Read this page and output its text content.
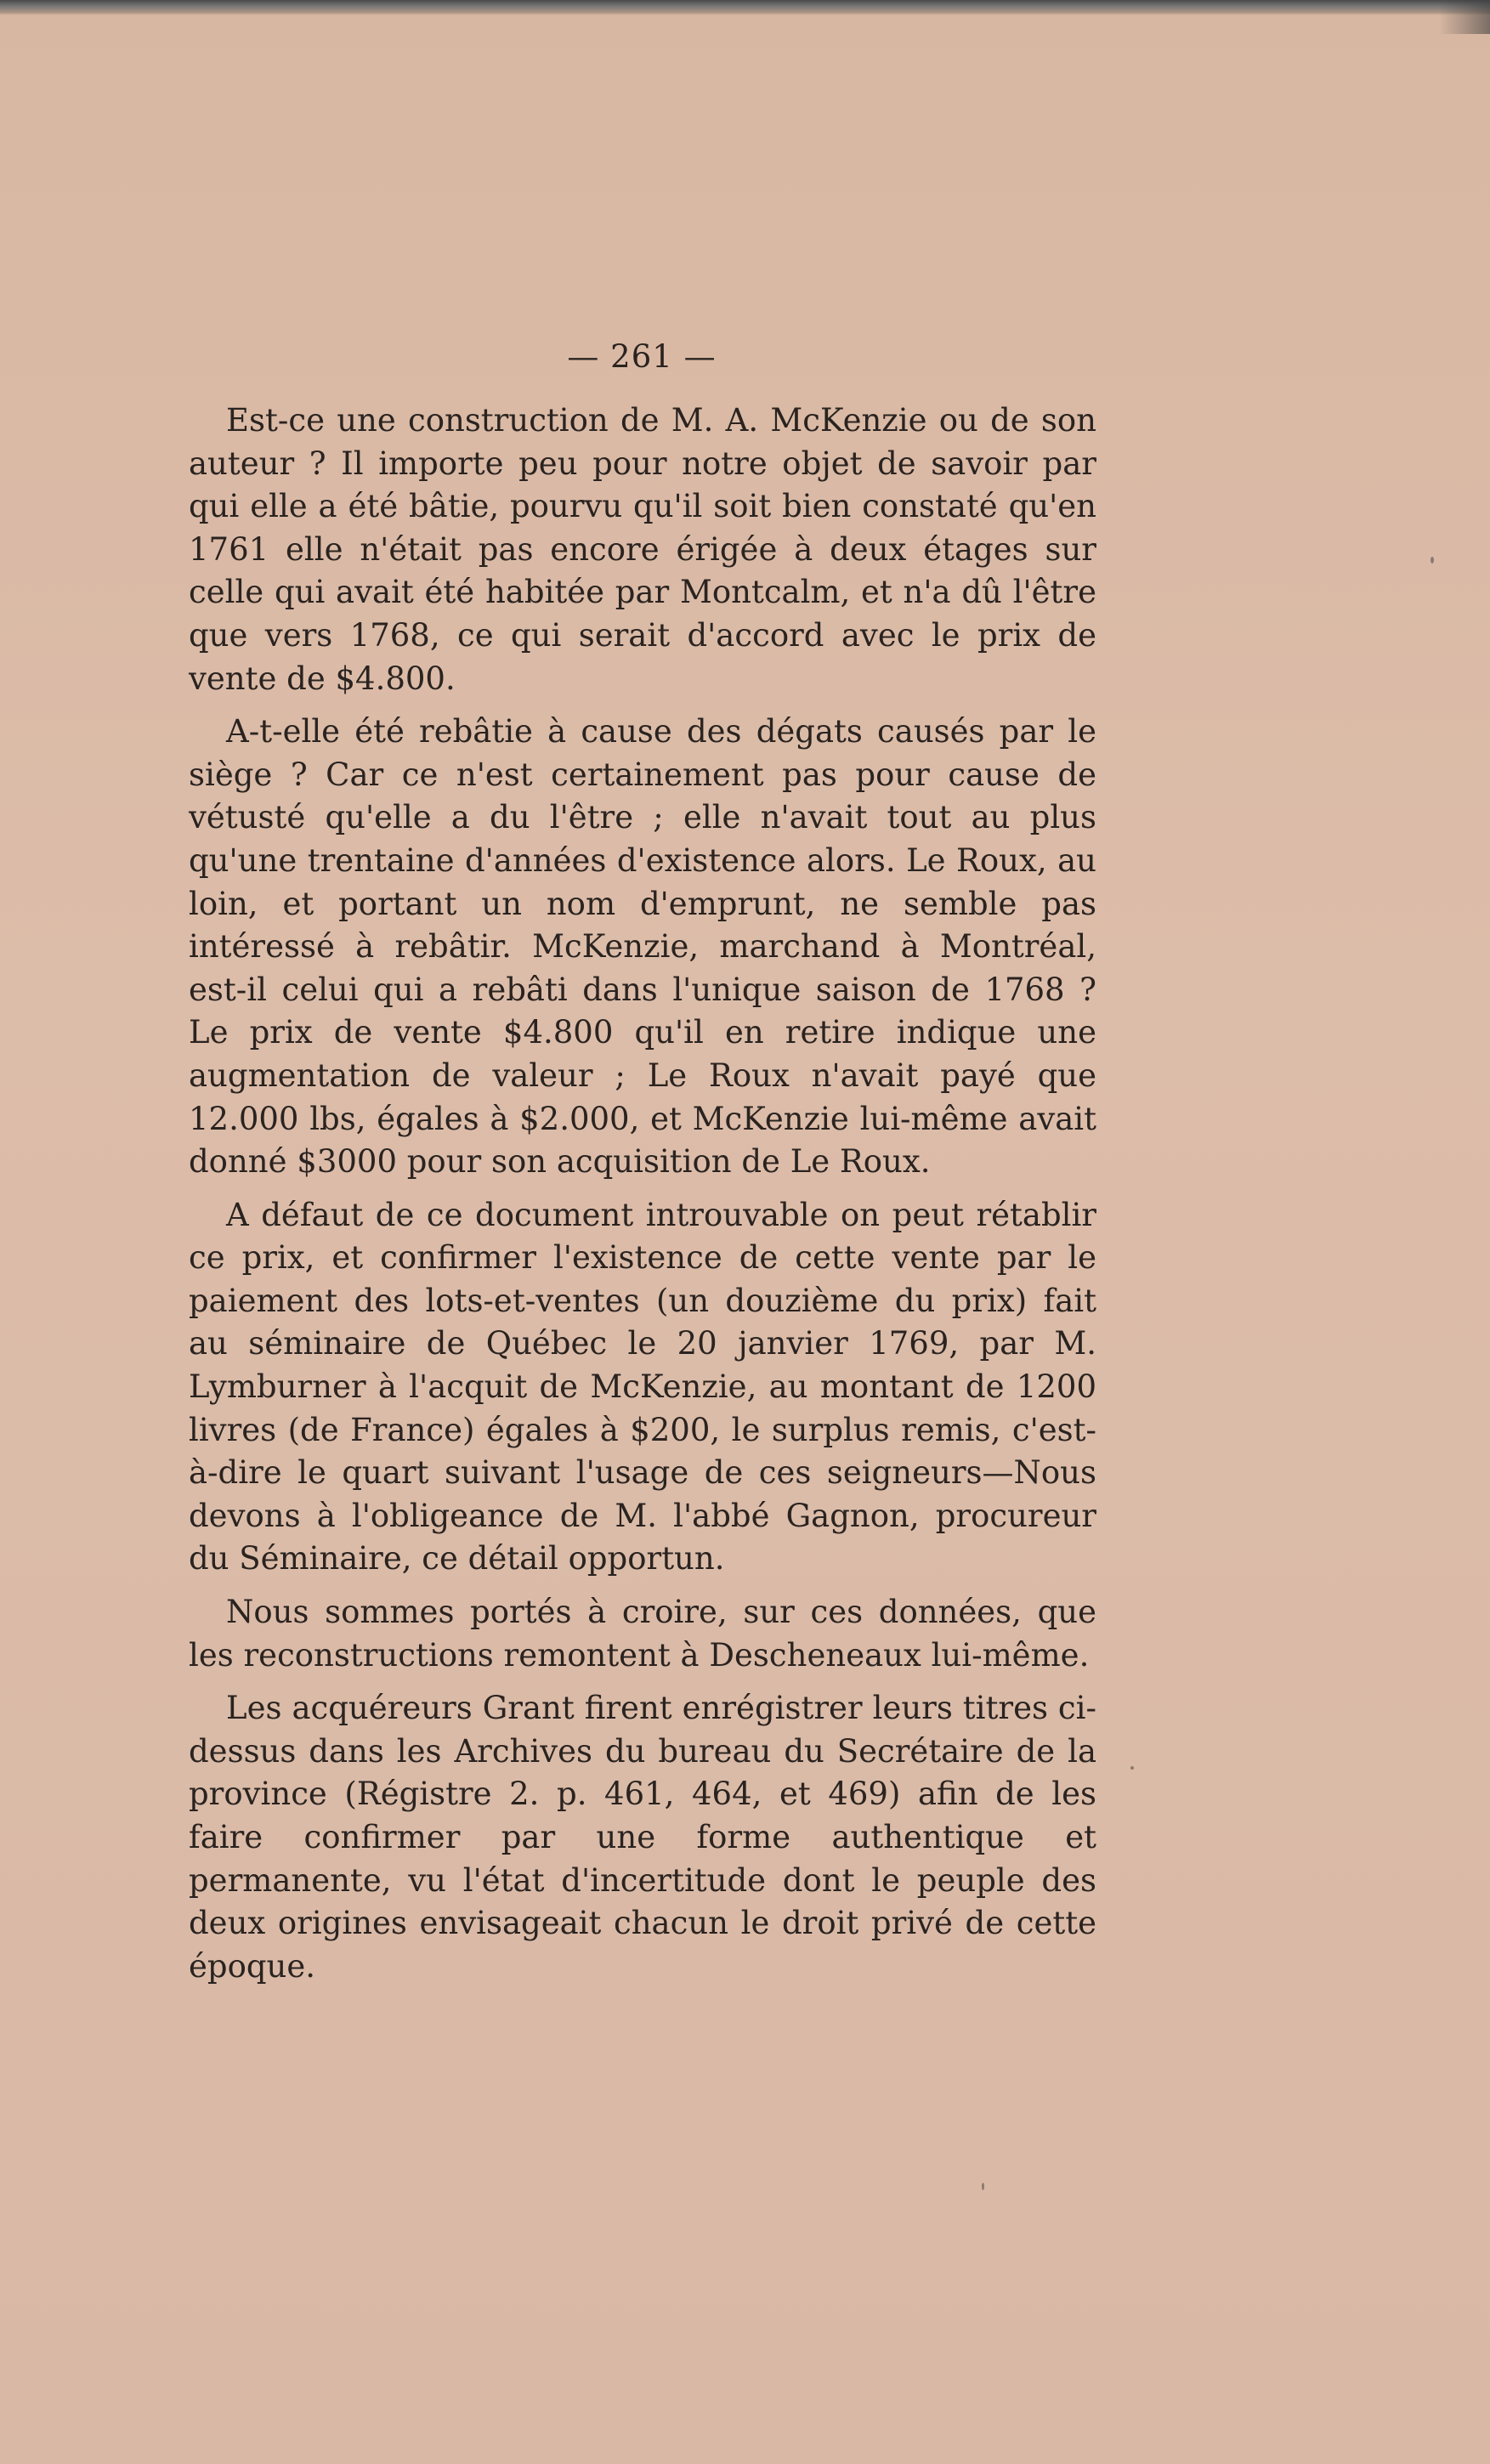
— 261 —

Est-ce une construction de M. A. McKenzie ou de son auteur ? Il importe peu pour notre objet de savoir par qui elle a été bâtie, pourvu qu'il soit bien constaté qu'en 1761 elle n'était pas encore érigée à deux étages sur celle qui avait été habitée par Montcalm, et n'a dû l'être que vers 1768, ce qui serait d'accord avec le prix de vente de $4.800.

A-t-elle été rebâtie à cause des dégats causés par le siège ? Car ce n'est certainement pas pour cause de vétusté qu'elle a du l'être ; elle n'avait tout au plus qu'une trentaine d'années d'existence alors. Le Roux, au loin, et portant un nom d'emprunt, ne semble pas intéressé à rebâtir. McKenzie, marchand à Montréal, est-il celui qui a rebâti dans l'unique saison de 1768 ? Le prix de vente $4.800 qu'il en retire indique une augmentation de valeur ; Le Roux n'avait payé que 12.000 lbs, égales à $2.000, et McKenzie lui-même avait donné $3000 pour son acquisition de Le Roux.

A défaut de ce document introuvable on peut rétablir ce prix, et confirmer l'existence de cette vente par le paiement des lots-et-ventes (un douzième du prix) fait au séminaire de Québec le 20 janvier 1769, par M. Lymburner à l'acquit de McKenzie, au montant de 1200 livres (de France) égales à $200, le surplus remis, c'est-à-dire le quart suivant l'usage de ces seigneurs—Nous devons à l'obligeance de M. l'abbé Gagnon, procureur du Séminaire, ce détail opportun.

Nous sommes portés à croire, sur ces données, que les reconstructions remontent à Descheneaux lui-même.

Les acquéreurs Grant firent enrégistrer leurs titres ci-dessus dans les Archives du bureau du Secrétaire de la province (Régistre 2. p. 461, 464, et 469) afin de les faire confirmer par une forme authentique et permanente, vu l'état d'incertitude dont le peuple des deux origines envisageait chacun le droit privé de cette époque.
